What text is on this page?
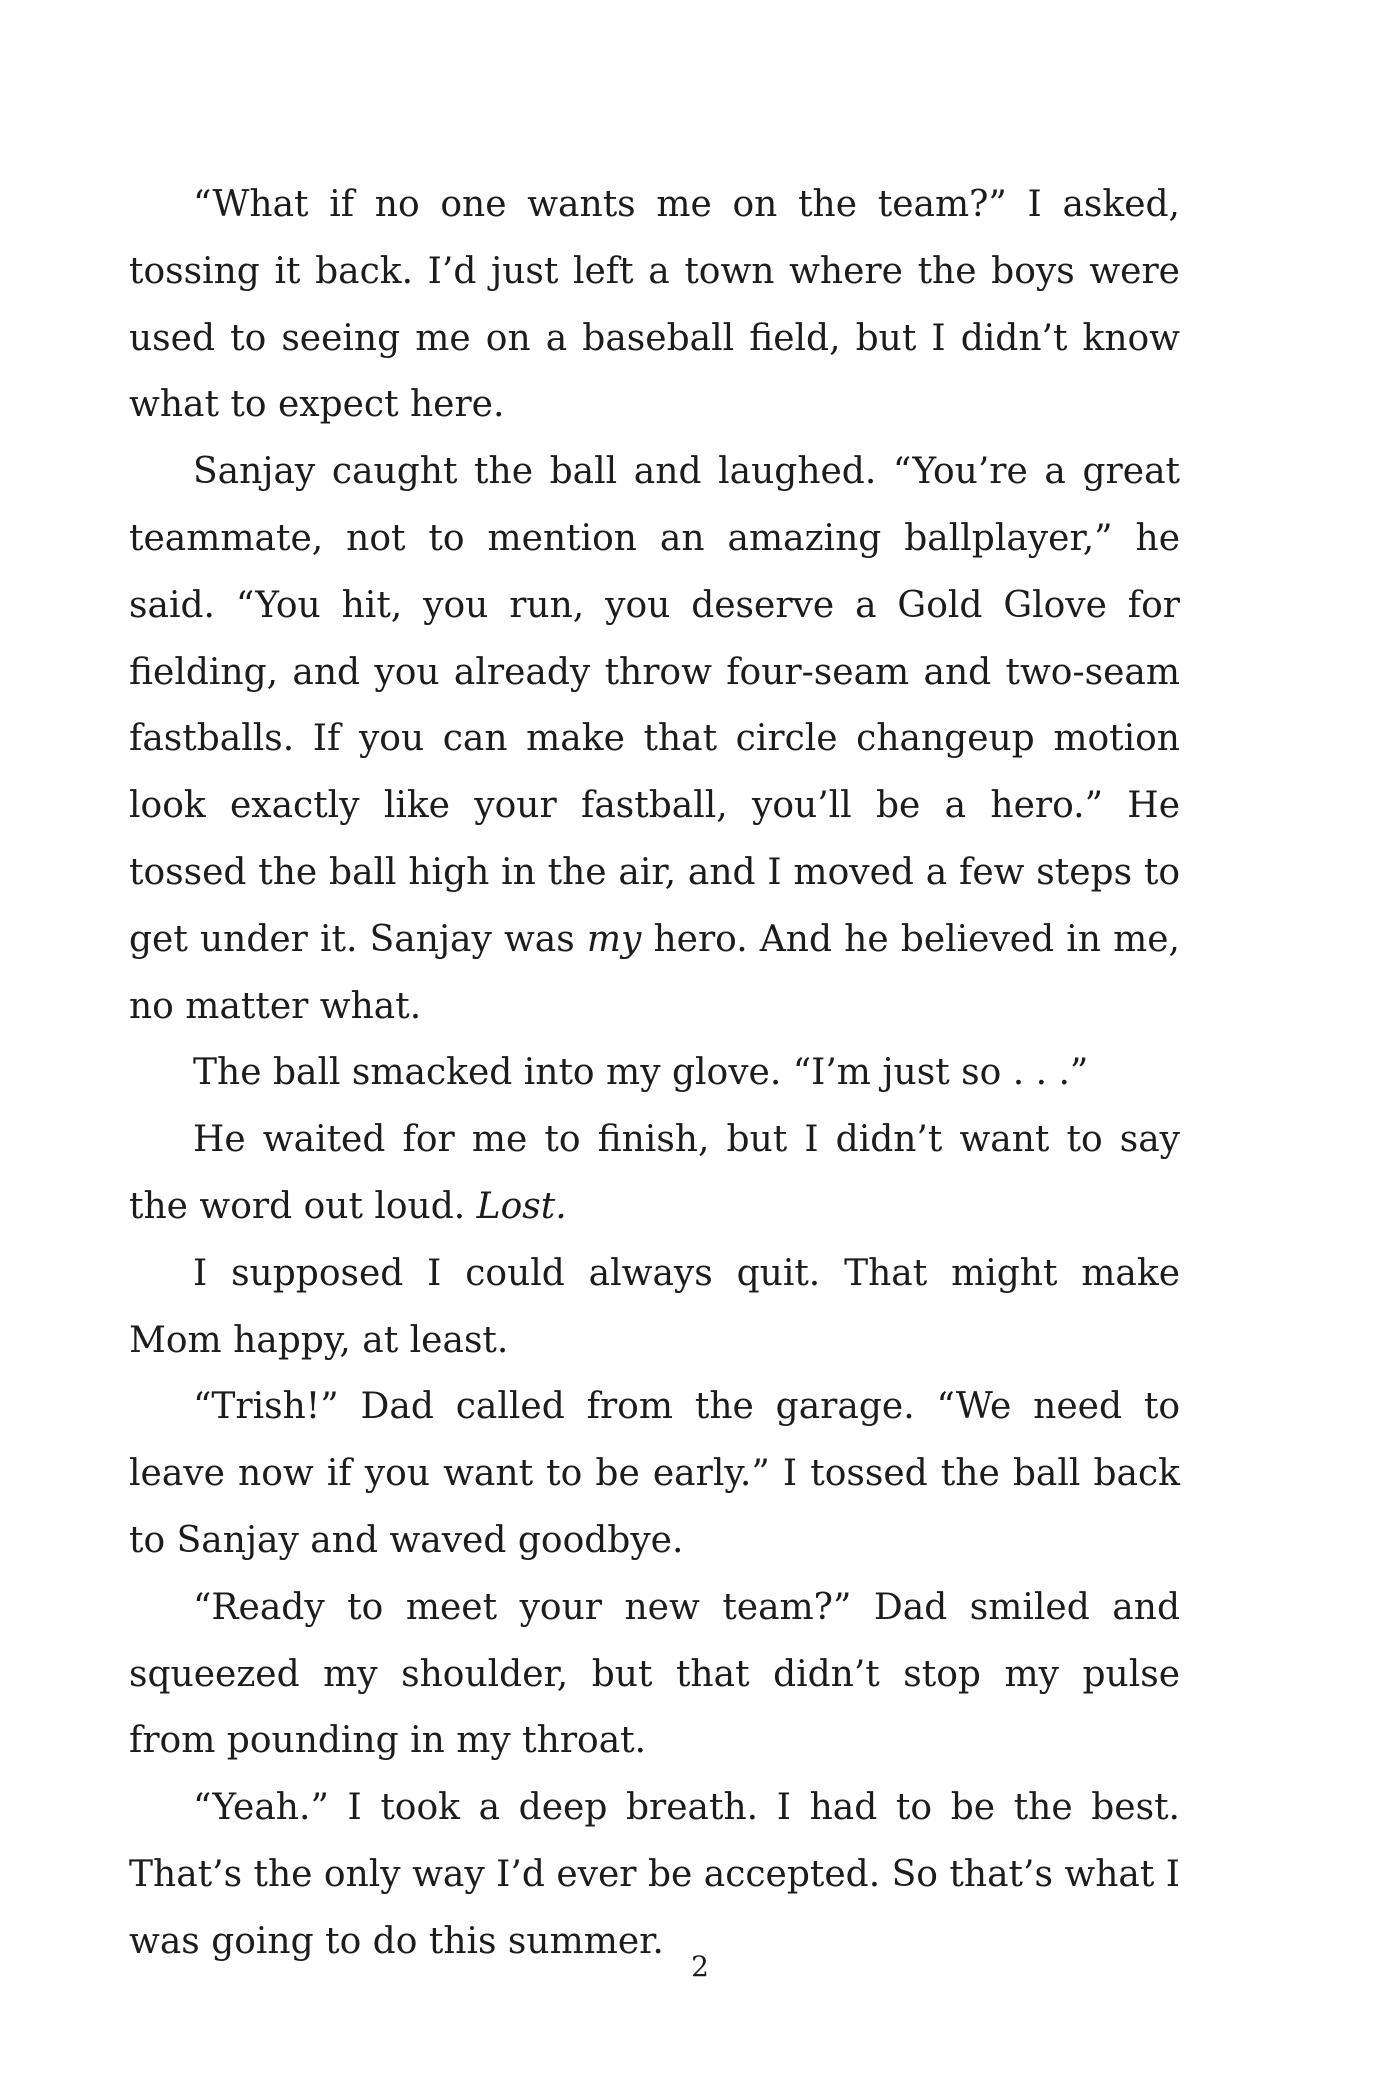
“What if no one wants me on the team?” I asked, tossing it back. I’d just left a town where the boys were used to seeing me on a baseball field, but I didn’t know what to expect here.

Sanjay caught the ball and laughed. “You’re a great teammate, not to mention an amazing ballplayer,” he said. “You hit, you run, you deserve a Gold Glove for fielding, and you already throw four-seam and two-seam fastballs. If you can make that circle changeup motion look exactly like your fastball, you’ll be a hero.” He tossed the ball high in the air, and I moved a few steps to get under it. Sanjay was my hero. And he believed in me, no matter what.

The ball smacked into my glove. “I’m just so . . .”

He waited for me to finish, but I didn’t want to say the word out loud. Lost.

I supposed I could always quit. That might make Mom happy, at least.

“Trish!” Dad called from the garage. “We need to leave now if you want to be early.” I tossed the ball back to Sanjay and waved goodbye.

“Ready to meet your new team?” Dad smiled and squeezed my shoulder, but that didn’t stop my pulse from pounding in my throat.

“Yeah.” I took a deep breath. I had to be the best. That’s the only way I’d ever be accepted. So that’s what I was going to do this summer.

2
